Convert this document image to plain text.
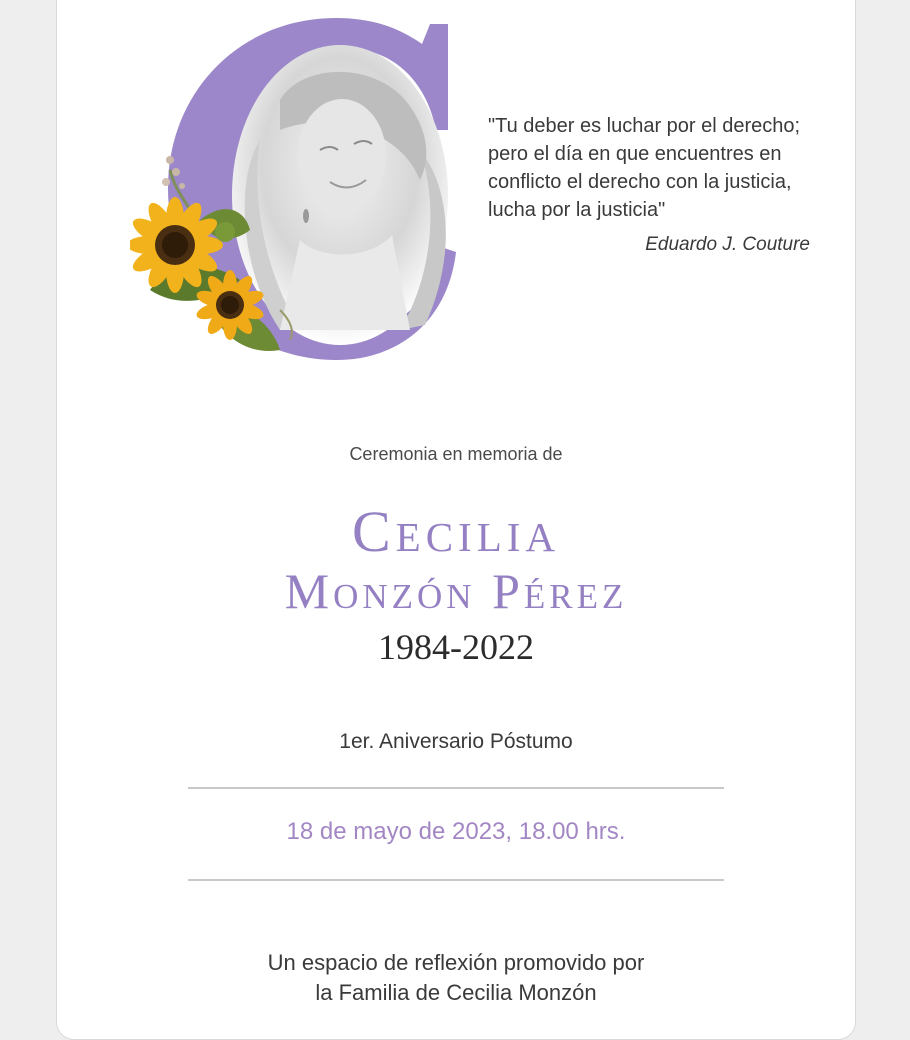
"Tu deber es luchar por el derecho;
pero el día en que encuentres en
conflicto el derecho con la justicia,
lucha por la justicia"
Eduardo J. Couture
Ceremonia en memoria de
Cecilia
Monzón Pérez
1984-2022
1er. Aniversario Póstumo
18 de mayo de 2023, 18.00 hrs.
Un espacio de reflexión promovido por
la Familia de Cecilia Monzón
